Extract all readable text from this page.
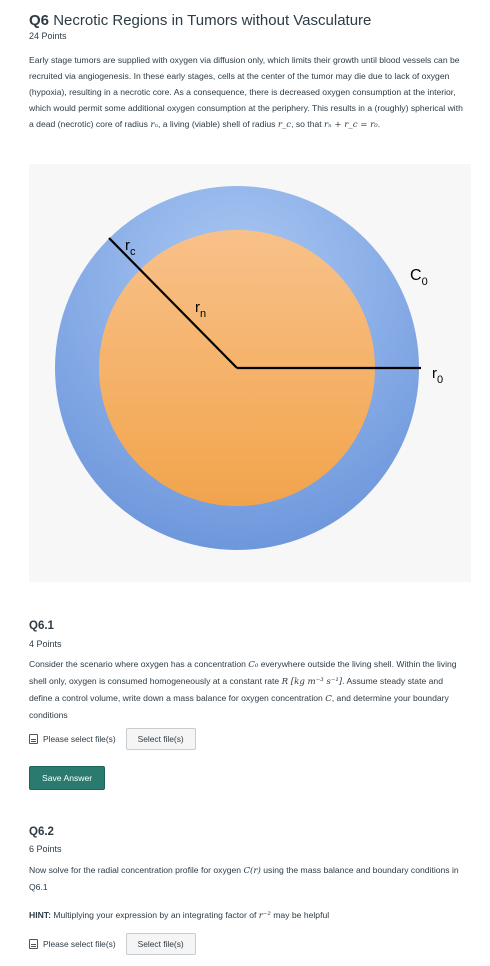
Q6 Necrotic Regions in Tumors without Vasculature
24 Points
Early stage tumors are supplied with oxygen via diffusion only, which limits their growth until blood vessels can be recruited via angiogenesis. In these early stages, cells at the center of the tumor may die due to lack of oxygen (hypoxia), resulting in a necrotic core. As a consequence, there is decreased oxygen consumption at the interior, which would permit some additional oxygen consumption at the periphery. This results in a (roughly) spherical with a dead (necrotic) core of radius rₙ, a living (viable) shell of radius r_c, so that rₙ + r_c = r₀.
$r_c$
$r_n$
$C_0$
$r_0$
Q6.1
4 Points
Consider the scenario where oxygen has a concentration C₀ everywhere outside the living shell. Within the living shell only, oxygen is consumed homogeneously at a constant rate R [kg m⁻³ s⁻¹]. Assume steady state and define a control volume, write down a mass balance for oxygen concentration C, and determine your boundary conditions
Please select file(s)	Select file(s)
Save Answer
Q6.2
6 Points
Now solve for the radial concentration profile for oxygen C(r) using the mass balance and boundary conditions in Q6.1
HINT: Multiplying your expression by an integrating factor of r⁻² may be helpful
Please select file(s)	Select file(s)
